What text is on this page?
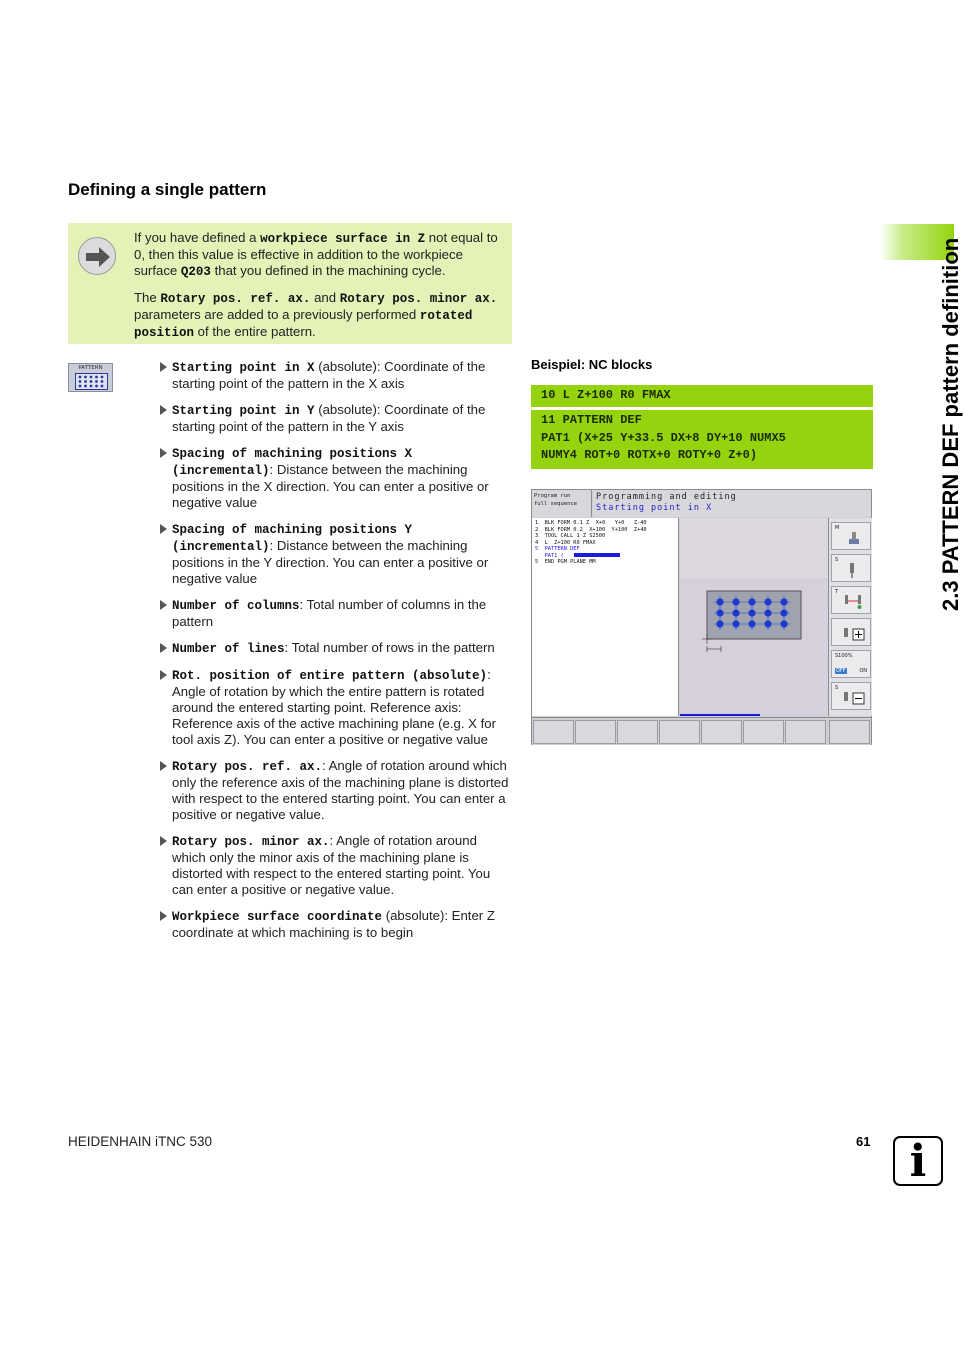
Defining a single pattern

If you have defined a workpiece surface in Z not equal to 0, then this value is effective in addition to the workpiece surface Q203 that you defined in the machining cycle.

The Rotary pos. ref. ax. and Rotary pos. minor ax. parameters are added to a previously performed rotated position of the entire pattern.

PATTERN	Starting point in X (absolute): Coordinate of the starting point of the pattern in the X axis
Starting point in Y (absolute): Coordinate of the starting point of the pattern in the Y axis
Spacing of machining positions X (incremental): Distance between the machining positions in the X direction. You can enter a positive or negative value
Spacing of machining positions Y (incremental): Distance between the machining positions in the Y direction. You can enter a positive or negative value
Number of columns: Total number of columns in the pattern
Number of lines: Total number of rows in the pattern
Rot. position of entire pattern (absolute): Angle of rotation by which the entire pattern is rotated around the entered starting point. Reference axis: Reference axis of the active machining plane (e.g. X for tool axis Z). You can enter a positive or negative value
Rotary pos. ref. ax.: Angle of rotation around which only the reference axis of the machining plane is distorted with respect to the entered starting point. You can enter a positive or negative value.
Rotary pos. minor ax.: Angle of rotation around which only the minor axis of the machining plane is distorted with respect to the entered starting point. You can enter a positive or negative value.
Workpiece surface coordinate (absolute): Enter Z coordinate at which machining is to begin
Beispiel: NC blocks
10 L Z+100 R0 FMAX
11 PATTERN DEF
PAT1 (X+25 Y+33.5 DX+8 DY+10 NUMX5
NUMY4 ROT+0 ROTX+0 ROTY+0 Z+0)
Program run
full sequence
Programming and editing
Starting point in X
1  BLK FORM 0.1 Z  X+0   Y+0   Z-40
2  BLK FORM 0.2  X+100  Y+100  Z+40
3  TOOL CALL 1 Z S2500
4  L  Z+100 R0 FMAX
5  PATTERN DEF
PAT1 (
5  END PGM PLANE MM
M
S
T
S100%
OFF	ON
S
2.3 PATTERN DEF pattern definition
HEIDENHAIN iTNC 530	61 i
